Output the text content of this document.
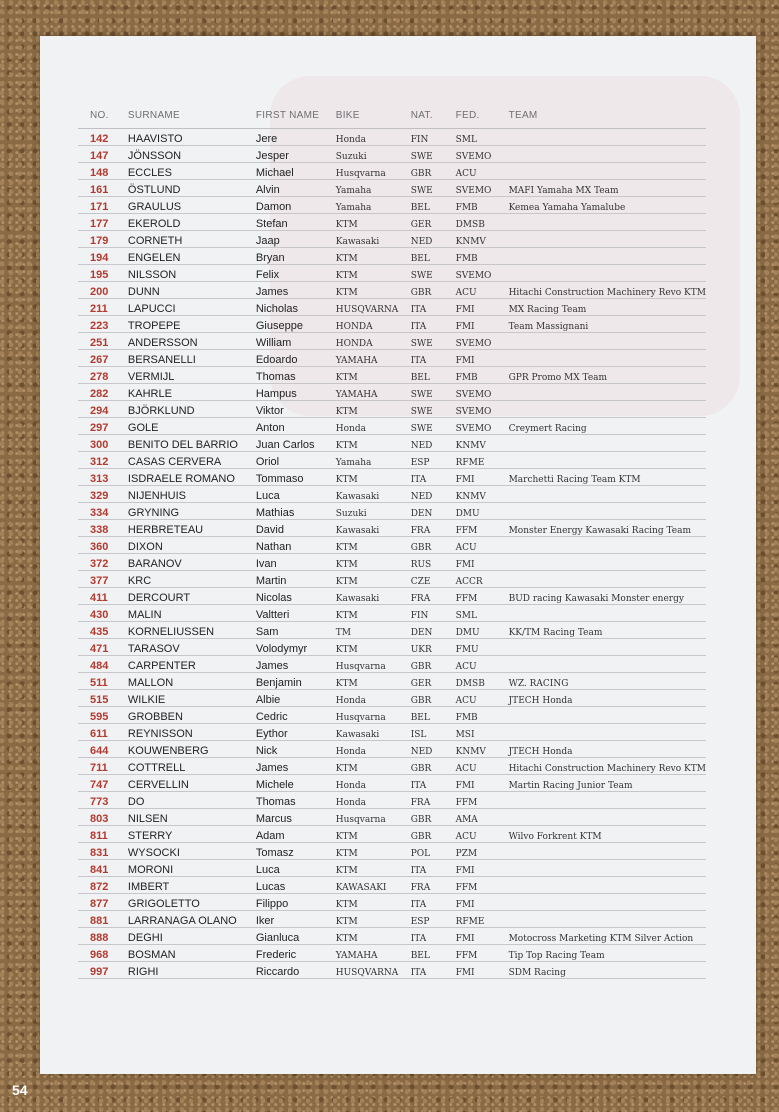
NO.	SURNAME	FIRST NAME	BIKE	NAT.	FED.	TEAM
142	HAAVISTO	Jere	Honda	FIN	SML	
147	JÖNSSON	Jesper	Suzuki	SWE	SVEMO	
148	ECCLES	Michael	Husqvarna	GBR	ACU	
161	ÖSTLUND	Alvin	Yamaha	SWE	SVEMO	MAFI Yamaha MX Team
171	GRAULUS	Damon	Yamaha	BEL	FMB	Kemea Yamaha Yamalube
177	EKEROLD	Stefan	KTM	GER	DMSB	
179	CORNETH	Jaap	Kawasaki	NED	KNMV	
194	ENGELEN	Bryan	KTM	BEL	FMB	
195	NILSSON	Felix	KTM	SWE	SVEMO	
200	DUNN	James	KTM	GBR	ACU	Hitachi Construction Machinery Revo KTM
211	LAPUCCI	Nicholas	HUSQVARNA	ITA	FMI	MX Racing Team
223	TROPEPE	Giuseppe	HONDA	ITA	FMI	Team Massignani
251	ANDERSSON	William	HONDA	SWE	SVEMO	
267	BERSANELLI	Edoardo	YAMAHA	ITA	FMI	
278	VERMIJL	Thomas	KTM	BEL	FMB	GPR Promo MX Team
282	KAHRLE	Hampus	YAMAHA	SWE	SVEMO	
294	BJÖRKLUND	Viktor	KTM	SWE	SVEMO	
297	GOLE	Anton	Honda	SWE	SVEMO	Creymert Racing
300	BENITO DEL BARRIO	Juan Carlos	KTM	NED	KNMV	
312	CASAS CERVERA	Oriol	Yamaha	ESP	RFME	
313	ISDRAELE ROMANO	Tommaso	KTM	ITA	FMI	Marchetti Racing Team KTM
329	NIJENHUIS	Luca	Kawasaki	NED	KNMV	
334	GRYNING	Mathias	Suzuki	DEN	DMU	
338	HERBRETEAU	David	Kawasaki	FRA	FFM	Monster Energy Kawasaki Racing Team
360	DIXON	Nathan	KTM	GBR	ACU	
372	BARANOV	Ivan	KTM	RUS	FMI	
377	KRC	Martin	KTM	CZE	ACCR	
411	DERCOURT	Nicolas	Kawasaki	FRA	FFM	BUD racing Kawasaki Monster energy
430	MALIN	Valtteri	KTM	FIN	SML	
435	KORNELIUSSEN	Sam	TM	DEN	DMU	KK/TM Racing Team
471	TARASOV	Volodymyr	KTM	UKR	FMU	
484	CARPENTER	James	Husqvarna	GBR	ACU	
511	MALLON	Benjamin	KTM	GER	DMSB	WZ. RACING
515	WILKIE	Albie	Honda	GBR	ACU	JTECH Honda
595	GROBBEN	Cedric	Husqvarna	BEL	FMB	
611	REYNISSON	Eythor	Kawasaki	ISL	MSI	
644	KOUWENBERG	Nick	Honda	NED	KNMV	JTECH Honda
711	COTTRELL	James	KTM	GBR	ACU	Hitachi Construction Machinery Revo KTM
747	CERVELLIN	Michele	Honda	ITA	FMI	Martin Racing Junior Team
773	DO	Thomas	Honda	FRA	FFM	
803	NILSEN	Marcus	Husqvarna	GBR	AMA	
811	STERRY	Adam	KTM	GBR	ACU	Wilvo Forkrent KTM
831	WYSOCKI	Tomasz	KTM	POL	PZM	
841	MORONI	Luca	KTM	ITA	FMI	
872	IMBERT	Lucas	KAWASAKI	FRA	FFM	
877	GRIGOLETTO	Filippo	KTM	ITA	FMI	
881	LARRANAGA OLANO	Iker	KTM	ESP	RFME	
888	DEGHI	Gianluca	KTM	ITA	FMI	Motocross Marketing KTM Silver Action
968	BOSMAN	Frederic	YAMAHA	BEL	FFM	Tip Top Racing Team
997	RIGHI	Riccardo	HUSQVARNA	ITA	FMI	SDM Racing
54
